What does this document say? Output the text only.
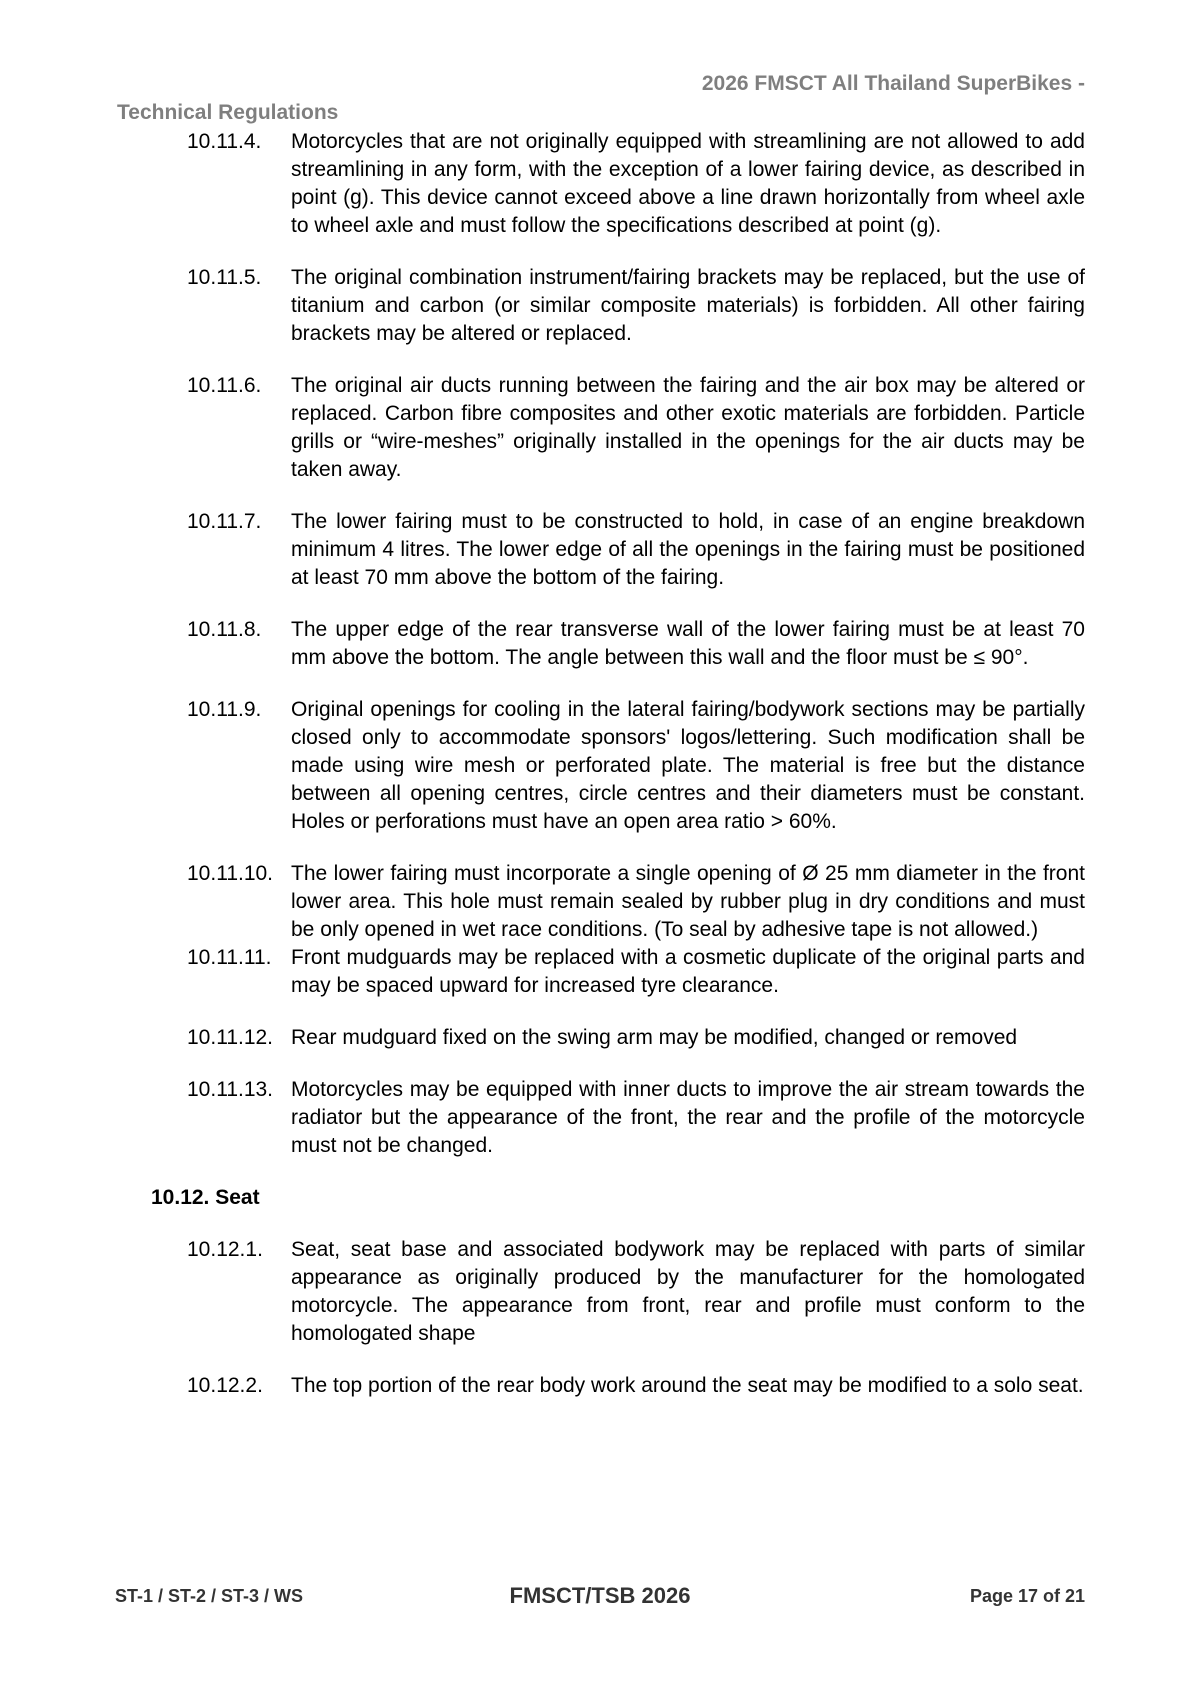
2026 FMSCT All Thailand SuperBikes -
Technical Regulations
10.11.4. Motorcycles that are not originally equipped with streamlining are not allowed to add streamlining in any form, with the exception of a lower fairing device, as described in point (g). This device cannot exceed above a line drawn horizontally from wheel axle to wheel axle and must follow the specifications described at point (g).
10.11.5. The original combination instrument/fairing brackets may be replaced, but the use of titanium and carbon (or similar composite materials) is forbidden. All other fairing brackets may be altered or replaced.
10.11.6. The original air ducts running between the fairing and the air box may be altered or replaced. Carbon fibre composites and other exotic materials are forbidden. Particle grills or “wire-meshes” originally installed in the openings for the air ducts may be taken away.
10.11.7. The lower fairing must to be constructed to hold, in case of an engine breakdown minimum 4 litres. The lower edge of all the openings in the fairing must be positioned at least 70 mm above the bottom of the fairing.
10.11.8. The upper edge of the rear transverse wall of the lower fairing must be at least 70 mm above the bottom. The angle between this wall and the floor must be ≤ 90°.
10.11.9. Original openings for cooling in the lateral fairing/bodywork sections may be partially closed only to accommodate sponsors' logos/lettering. Such modification shall be made using wire mesh or perforated plate. The material is free but the distance between all opening centres, circle centres and their diameters must be constant. Holes or perforations must have an open area ratio > 60%.
10.11.10. The lower fairing must incorporate a single opening of Ø 25 mm diameter in the front lower area. This hole must remain sealed by rubber plug in dry conditions and must be only opened in wet race conditions. (To seal by adhesive tape is not allowed.)
10.11.11. Front mudguards may be replaced with a cosmetic duplicate of the original parts and may be spaced upward for increased tyre clearance.
10.11.12. Rear mudguard fixed on the swing arm may be modified, changed or removed
10.11.13. Motorcycles may be equipped with inner ducts to improve the air stream towards the radiator but the appearance of the front, the rear and the profile of the motorcycle must not be changed.
10.12. Seat
10.12.1. Seat, seat base and associated bodywork may be replaced with parts of similar appearance as originally produced by the manufacturer for the homologated motorcycle. The appearance from front, rear and profile must conform to the homologated shape
10.12.2. The top portion of the rear body work around the seat may be modified to a solo seat.
ST-1 / ST-2 / ST-3 / WS	FMSCT/TSB 2026	Page 17 of 21
